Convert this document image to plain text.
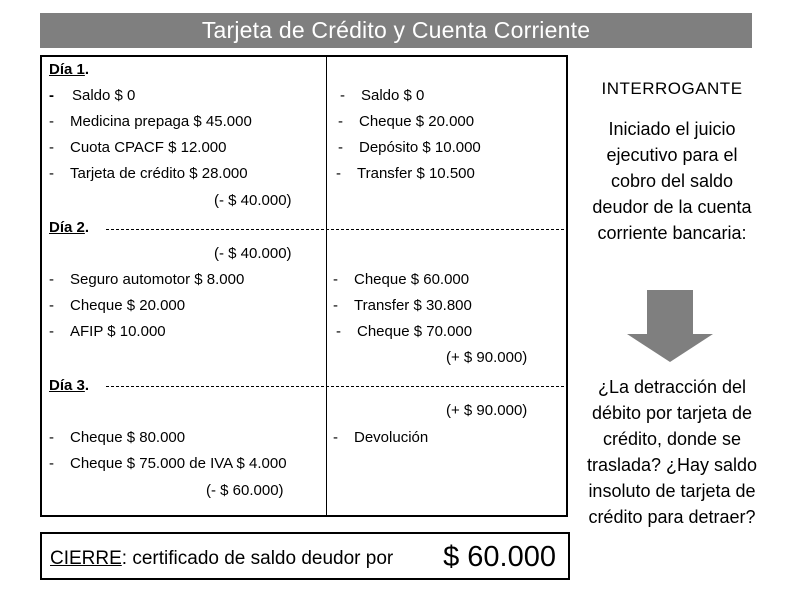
Tarjeta de Crédito y Cuenta Corriente
Día 1.
- Saldo $ 0
- Medicina prepaga $ 45.000
- Cuota CPACF $ 12.000
- Tarjeta de crédito $ 28.000
(- $ 40.000)
- Saldo $ 0
- Cheque $ 20.000
- Depósito $ 10.000
- Transfer $ 10.500
Día 2.
(- $ 40.000)
- Seguro automotor $ 8.000
- Cheque $ 20.000
- AFIP $ 10.000
- Cheque $ 60.000
- Transfer $ 30.800
- Cheque $ 70.000
(+ $ 90.000)
Día 3.
(+ $ 90.000)
- Cheque $ 80.000
- Cheque $ 75.000 de IVA $ 4.000
(- $ 60.000)
- Devolución
INTERROGANTE
Iniciado el juicio ejecutivo para el cobro del saldo deudor de la cuenta corriente bancaria:
¿La detracción del débito por tarjeta de crédito, donde se traslada? ¿Hay saldo insoluto de tarjeta de crédito para detraer?
CIERRE: certificado de saldo deudor por $ 60.000
